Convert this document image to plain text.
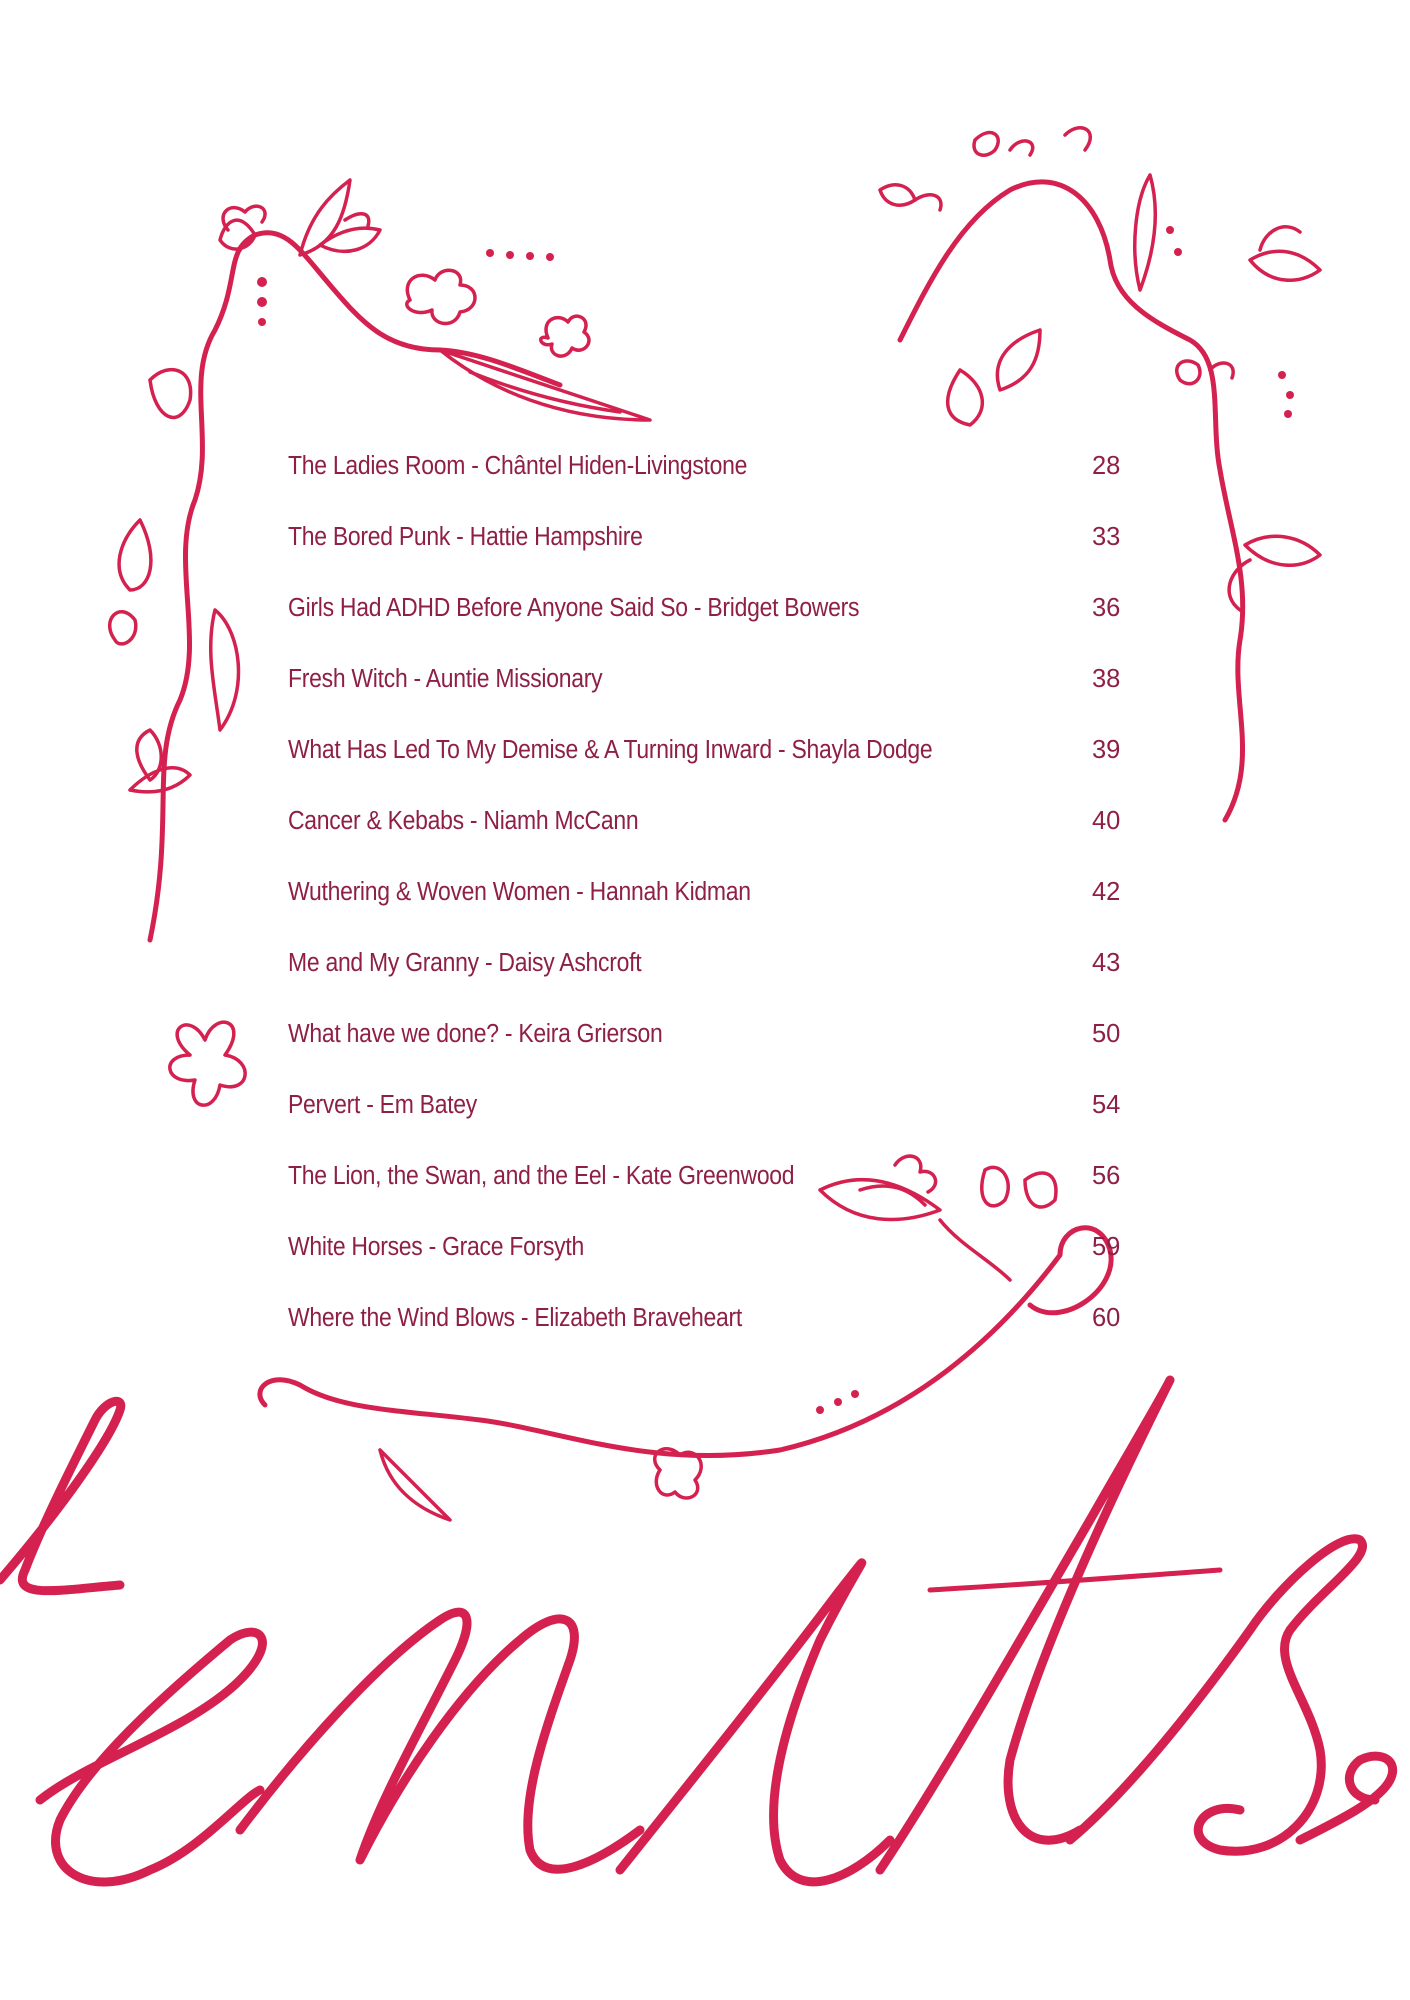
The Ladies Room - Chântel Hiden-Livingstone	28
The Bored Punk - Hattie Hampshire	33
Girls Had ADHD Before Anyone Said So - Bridget Bowers	36
Fresh Witch - Auntie Missionary	38
What Has Led To My Demise & A Turning Inward - Shayla Dodge	39
Cancer & Kebabs - Niamh McCann	40
Wuthering & Woven Women - Hannah Kidman	42
Me and My Granny - Daisy Ashcroft	43
What have we done? - Keira Grierson	50
Pervert - Em Batey	54
The Lion, the Swan, and the Eel - Kate Greenwood	56
White Horses - Grace Forsyth	59
Where the Wind Blows - Elizabeth Braveheart	60
